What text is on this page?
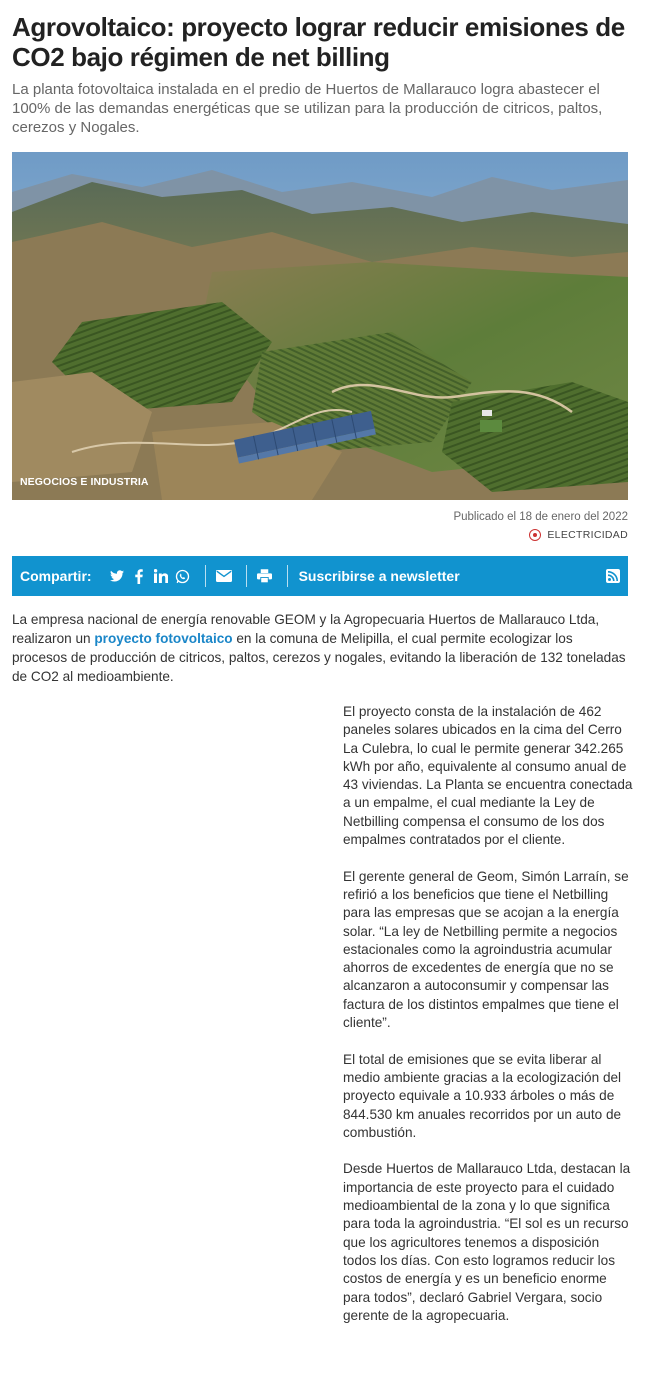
Agrovoltaico: proyecto lograr reducir emisiones de CO2 bajo régimen de net billing

La planta fotovoltaica instalada en el predio de Huertos de Mallarauco logra abastecer el 100% de las demandas energéticas que se utilizan para la producción de citricos, paltos, cerezos y Nogales.

NEGOCIOS E INDUSTRIA
Publicado el 18 de enero del 2022
ELECTRICIDAD
Compartir:	Suscribirse a newsletter

La empresa nacional de energía renovable GEOM y la Agropecuaria Huertos de Mallarauco Ltda, realizaron un proyecto fotovoltaico en la comuna de Melipilla, el cual permite ecologizar los procesos de producción de citricos, paltos, cerezos y nogales, evitando la liberación de 132 toneladas de CO2 al medioambiente.

El proyecto consta de la instalación de 462 paneles solares ubicados en la cima del Cerro La Culebra, lo cual le permite generar 342.265 kWh por año, equivalente al consumo anual de 43 viviendas. La Planta se encuentra conectada a un empalme, el cual mediante la Ley de Netbilling compensa el consumo de los dos empalmes contratados por el cliente.

El gerente general de Geom, Simón Larraín, se refirió a los beneficios que tiene el Netbilling para las empresas que se acojan a la energía solar. “La ley de Netbilling permite a negocios estacionales como la agroindustria acumular ahorros de excedentes de energía que no se alcanzaron a autoconsumir y compensar las factura de los distintos empalmes que tiene el cliente”.

El total de emisiones que se evita liberar al medio ambiente gracias a la ecologización del proyecto equivale a 10.933 árboles o más de 844.530 km anuales recorridos por un auto de combustión.

Desde Huertos de Mallarauco Ltda, destacan la importancia de este proyecto para el cuidado medioambiental de la zona y lo que significa para toda la agroindustria. “El sol es un recurso que los agricultores tenemos a disposición todos los días. Con esto logramos reducir los costos de energía y es un beneficio enorme para todos”, declaró Gabriel Vergara, socio gerente de la agropecuaria.
